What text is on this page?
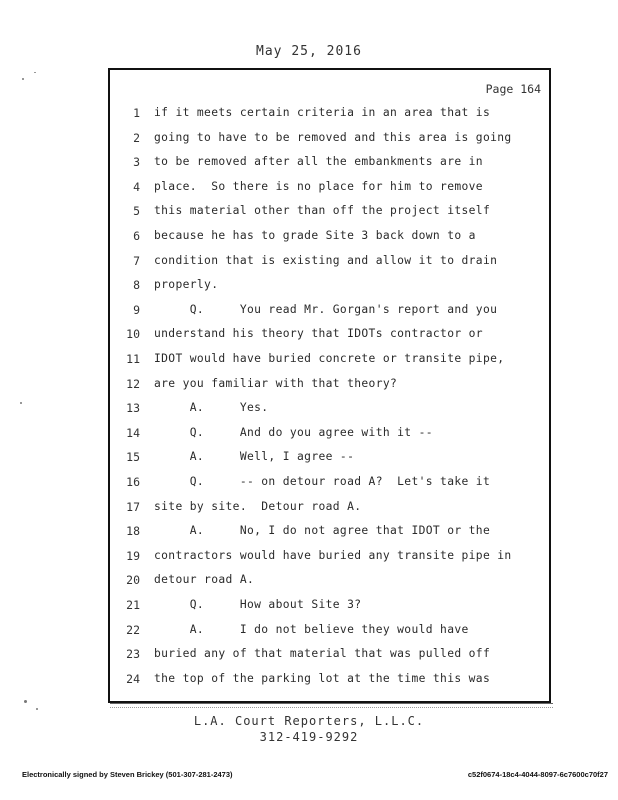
May 25, 2016
Page 164
1 if it meets certain criteria in an area that is
2 going to have to be removed and this area is going
3 to be removed after all the embankments are in
4 place.  So there is no place for him to remove
5 this material other than off the project itself
6 because he has to grade Site 3 back down to a
7 condition that is existing and allow it to drain
8 properly.
9 Q.     You read Mr. Gorgan's report and you
10 understand his theory that IDOTs contractor or
11 IDOT would have buried concrete or transite pipe,
12 are you familiar with that theory?
13 A.     Yes.
14 Q.     And do you agree with it --
15 A.     Well, I agree --
16 Q.     -- on detour road A?  Let's take it
17 site by site.  Detour road A.
18 A.     No, I do not agree that IDOT or the
19 contractors would have buried any transite pipe in
20 detour road A.
21 Q.     How about Site 3?
22 A.     I do not believe they would have
23 buried any of that material that was pulled off
24 the top of the parking lot at the time this was
L.A. Court Reporters, L.L.C.
312-419-9292
Electronically signed by Steven Brickey (501-307-281-2473)	c52f0674-18c4-4044-8097-6c7600c70f27
